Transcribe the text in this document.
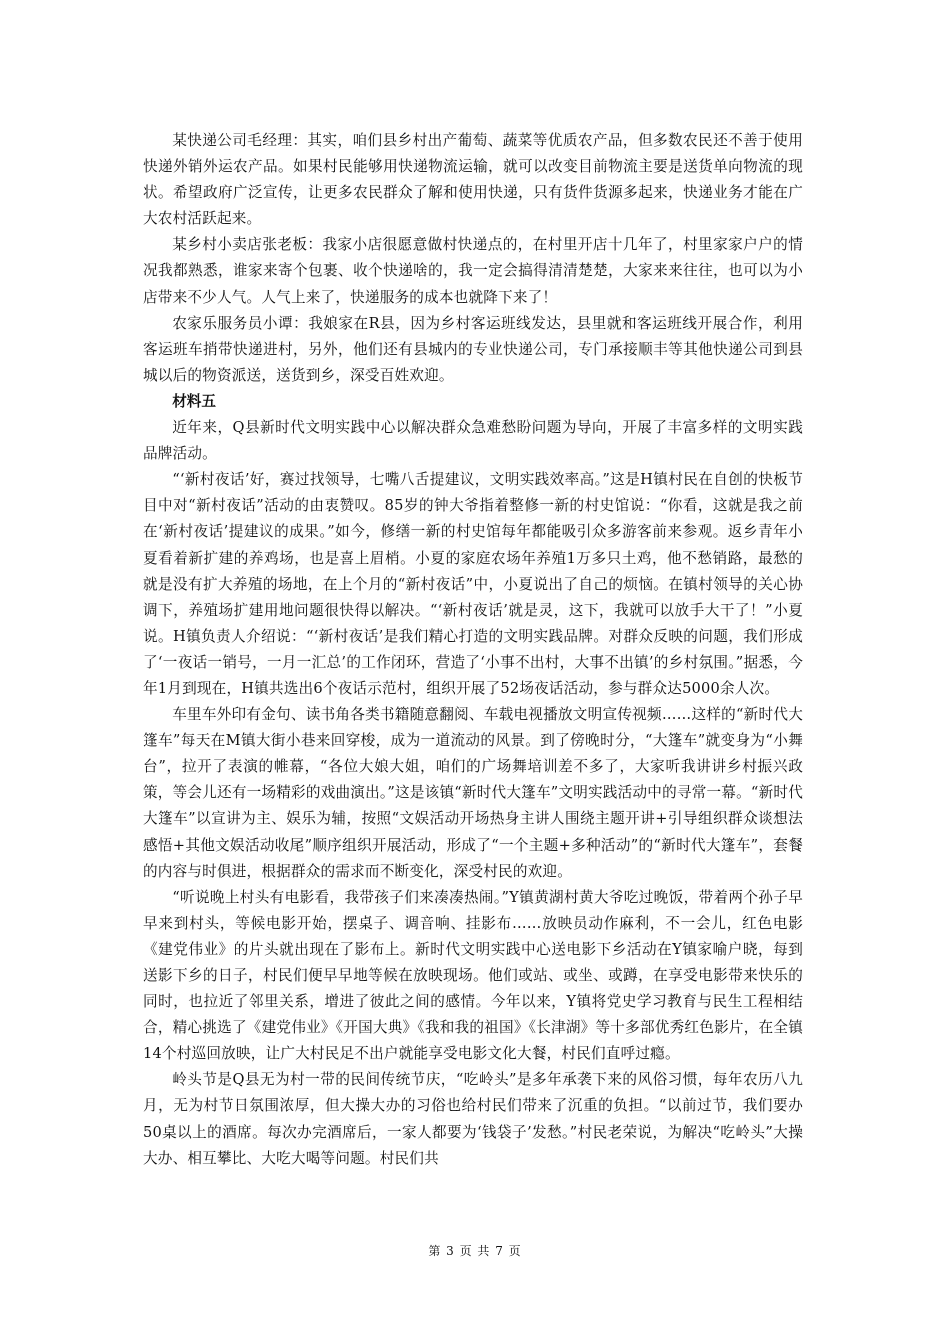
某快递公司毛经理：其实，咱们县乡村出产葡萄、蔬菜等优质农产品，但多数农民还不善于使用快递外销外运农产品。如果村民能够用快递物流运输，就可以改变目前物流主要是送货单向物流的现状。希望政府广泛宣传，让更多农民群众了解和使用快递，只有货件货源多起来，快递业务才能在广大农村活跃起来。

某乡村小卖店张老板：我家小店很愿意做村快递点的，在村里开店十几年了，村里家家户户的情况我都熟悉，谁家来寄个包裹、收个快递啥的，我一定会搞得清清楚楚，大家来来往往，也可以为小店带来不少人气。人气上来了，快递服务的成本也就降下来了！

农家乐服务员小谭：我娘家在R县，因为乡村客运班线发达，县里就和客运班线开展合作，利用客运班车捎带快递进村，另外，他们还有县城内的专业快递公司，专门承接顺丰等其他快递公司到县城以后的物资派送，送货到乡，深受百姓欢迎。

材料五

近年来，Q县新时代文明实践中心以解决群众急难愁盼问题为导向，开展了丰富多样的文明实践品牌活动。

“‘新村夜话’好，赛过找领导，七嘴八舌提建议，文明实践效率高。”这是H镇村民在自创的快板节目中对“新村夜话”活动的由衷赞叹。85岁的钟大爷指着整修一新的村史馆说：“你看，这就是我之前在‘新村夜话’提建议的成果。”如今，修缮一新的村史馆每年都能吸引众多游客前来参观。返乡青年小夏看着新扩建的养鸡场，也是喜上眉梢。小夏的家庭农场年养殖1万多只土鸡，他不愁销路，最愁的就是没有扩大养殖的场地，在上个月的“新村夜话”中，小夏说出了自己的烦恼。在镇村领导的关心协调下，养殖场扩建用地问题很快得以解决。“‘新村夜话’就是灵，这下，我就可以放手大干了！”小夏说。H镇负责人介绍说：“‘新村夜话’是我们精心打造的文明实践品牌。对群众反映的问题，我们形成了‘一夜话一销号，一月一汇总’的工作闭环，营造了‘小事不出村，大事不出镇’的乡村氛围。”据悉，今年1月到现在，H镇共选出6个夜话示范村，组织开展了52场夜话活动，参与群众达5000余人次。

车里车外印有金句、读书角各类书籍随意翻阅、车载电视播放文明宣传视频……这样的“新时代大篷车”每天在M镇大街小巷来回穿梭，成为一道流动的风景。到了傍晚时分，“大篷车”就变身为“小舞台”，拉开了表演的帷幕，“各位大娘大姐，咱们的广场舞培训差不多了，大家听我讲讲乡村振兴政策，等会儿还有一场精彩的戏曲演出。”这是该镇“新时代大篷车”文明实践活动中的寻常一幕。“新时代大篷车”以宣讲为主、娱乐为辅，按照“文娱活动开场热身主讲人围绕主题开讲+引导组织群众谈想法感悟+其他文娱活动收尾”顺序组织开展活动，形成了“一个主题+多种活动”的“新时代大篷车”，套餐的内容与时俱进，根据群众的需求而不断变化，深受村民的欢迎。

“听说晚上村头有电影看，我带孩子们来凑凑热闹。”Y镇黄湖村黄大爷吃过晚饭，带着两个孙子早早来到村头，等候电影开始，摆桌子、调音响、挂影布……放映员动作麻利，不一会儿，红色电影《建党伟业》的片头就出现在了影布上。新时代文明实践中心送电影下乡活动在Y镇家喻户晓，每到送影下乡的日子，村民们便早早地等候在放映现场。他们或站、或坐、或蹲，在享受电影带来快乐的同时，也拉近了邻里关系，增进了彼此之间的感情。今年以来，Y镇将党史学习教育与民生工程相结合，精心挑选了《建党伟业》《开国大典》《我和我的祖国》《长津湖》等十多部优秀红色影片，在全镇14个村巡回放映，让广大村民足不出户就能享受电影文化大餐，村民们直呼过瘾。

岭头节是Q县无为村一带的民间传统节庆，“吃岭头”是多年承袭下来的风俗习惯，每年农历八九月，无为村节日氛围浓厚，但大操大办的习俗也给村民们带来了沉重的负担。“以前过节，我们要办50桌以上的酒席。每次办完酒席后，一家人都要为‘钱袋子’发愁。”村民老荣说，为解决“吃岭头”大操大办、相互攀比、大吃大喝等问题。村民们共

第 3 页 共 7 页
